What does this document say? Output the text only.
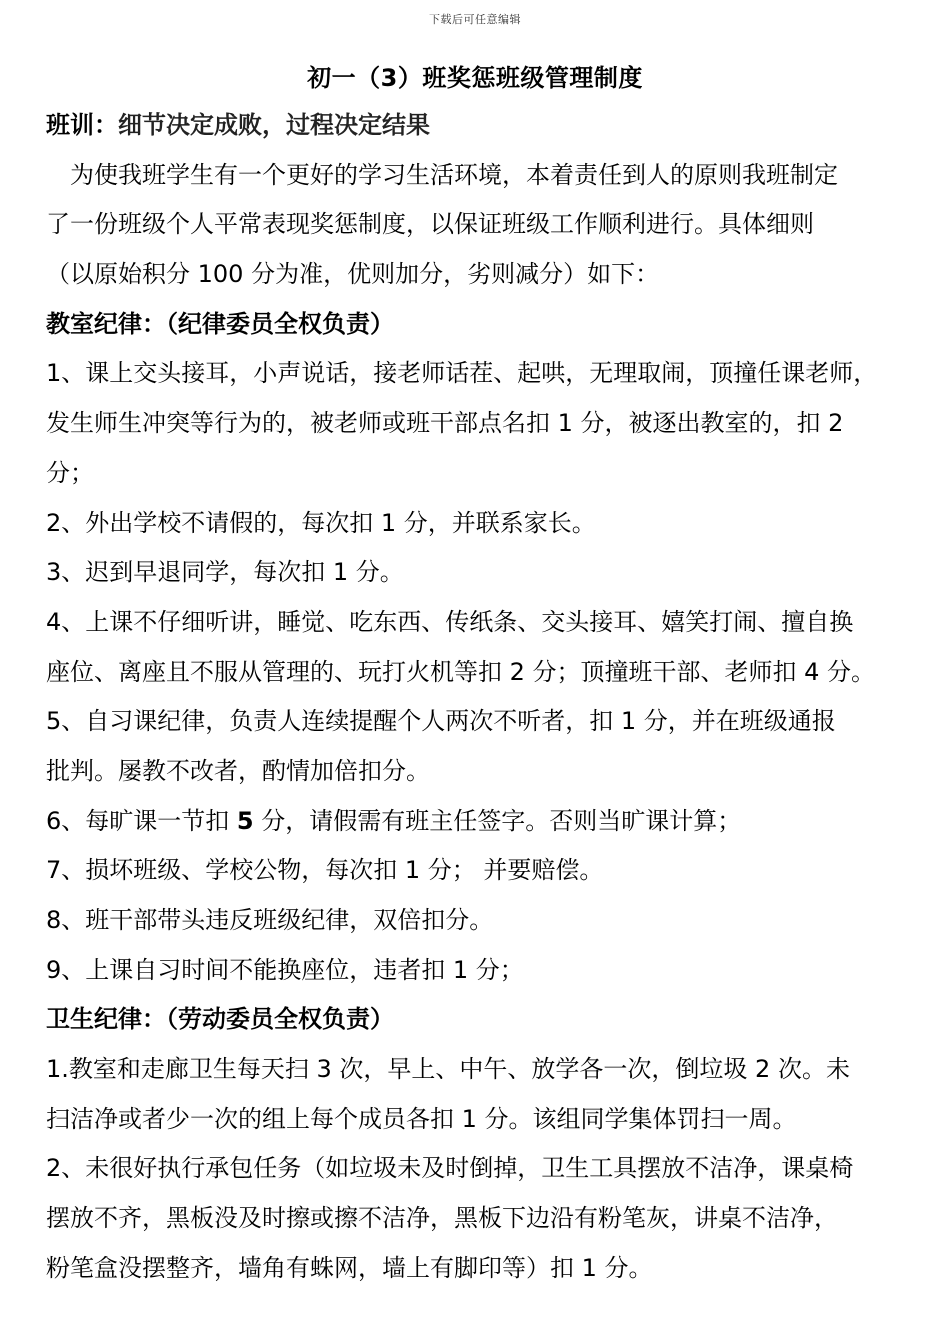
下载后可任意编辑
初一（3）班奖惩班级管理制度
班训：细节决定成败，过程决定结果
为使我班学生有一个更好的学习生活环境，本着责任到人的原则我班制定
了一份班级个人平常表现奖惩制度，以保证班级工作顺利进行。具体细则
（以原始积分 100 分为准，优则加分，劣则减分）如下：
教室纪律：（纪律委员全权负责）
1、课上交头接耳，小声说话，接老师话茬、起哄，无理取闹，顶撞任课老师，
发生师生冲突等行为的，被老师或班干部点名扣 1 分，被逐出教室的，扣 2
分；
2、外出学校不请假的，每次扣 1 分，并联系家长。
3、迟到早退同学，每次扣 1 分。
4、上课不仔细听讲，睡觉、吃东西、传纸条、交头接耳、嬉笑打闹、擅自换
座位、离座且不服从管理的、玩打火机等扣 2 分；顶撞班干部、老师扣 4 分。
5、自习课纪律，负责人连续提醒个人两次不听者，扣 1 分，并在班级通报
批判。屡教不改者，酌情加倍扣分。
6、每旷课一节扣 5 分，请假需有班主任签字。否则当旷课计算；
7、损坏班级、学校公物，每次扣 1 分； 并要赔偿。
8、班干部带头违反班级纪律，双倍扣分。
9、上课自习时间不能换座位，违者扣 1 分；
卫生纪律：（劳动委员全权负责）
1.教室和走廊卫生每天扫 3 次，早上、中午、放学各一次，倒垃圾 2 次。未
扫洁净或者少一次的组上每个成员各扣 1 分。该组同学集体罚扫一周。
2、未很好执行承包任务（如垃圾未及时倒掉，卫生工具摆放不洁净，课桌椅
摆放不齐，黑板没及时擦或擦不洁净，黑板下边沿有粉笔灰，讲桌不洁净，
粉笔盒没摆整齐，墙角有蛛网，墙上有脚印等）扣 1 分。
